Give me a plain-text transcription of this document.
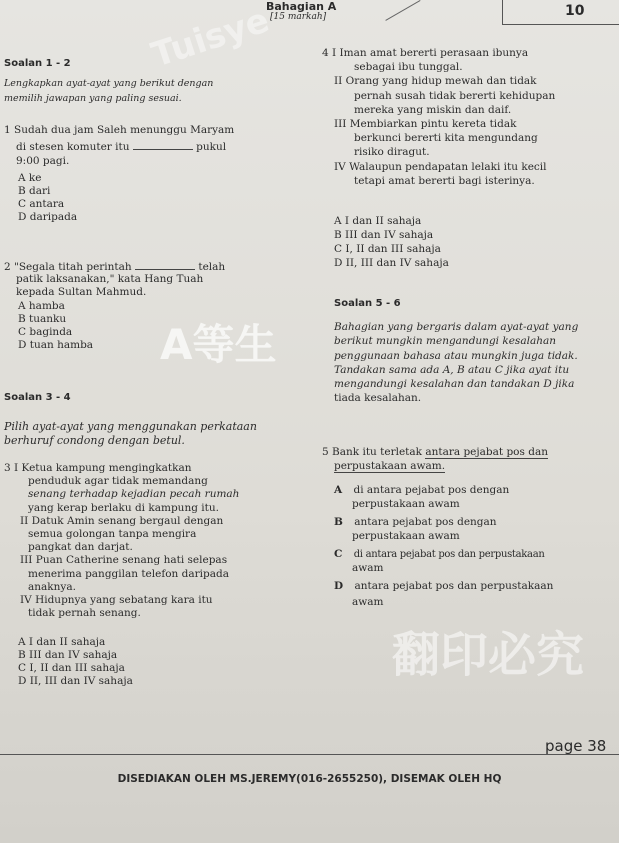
Tuisye
A等生
翻印必究
Bahagian A
[15 markah]	10
Soalan 1 - 2
Lengkapkan ayat-ayat yang berikut dengan
memilih jawapan yang paling sesuai.
1 Sudah dua jam Saleh menunggu Maryam
di stesen komuter itu	pukul
9:00 pagi.
A ke
B dari
C antara
D daripada
2 "Segala titah perintah	telah
patik laksanakan," kata Hang Tuah
kepada Sultan Mahmud.
A hamba
B tuanku
C baginda
D tuan hamba
Soalan 3 - 4
Pilih ayat-ayat yang menggunakan perkataan
berhuruf condong dengan betul.
3 I Ketua kampung mengingkatkan
penduduk agar tidak memandang
senang terhadap kejadian pecah rumah
yang kerap berlaku di kampung itu.
II Datuk Amin senang bergaul dengan
semua golongan tanpa mengira
pangkat dan darjat.
III Puan Catherine senang hati selepas
menerima panggilan telefon daripada
anaknya.
IV Hidupnya yang sebatang kara itu
tidak pernah senang.
A I dan II sahaja
B III dan IV sahaja
C I, II dan III sahaja
D II, III dan IV sahaja
4 I Iman amat bererti perasaan ibunya
sebagai ibu tunggal.
II Orang yang hidup mewah dan tidak
pernah susah tidak bererti kehidupan
mereka yang miskin dan daif.
III Membiarkan pintu kereta tidak
berkunci bererti kita mengundang
risiko diragut.
IV Walaupun pendapatan lelaki itu kecil
tetapi amat bererti bagi isterinya.
A I dan II sahaja
B III dan IV sahaja
C I, II dan III sahaja
D II, III dan IV sahaja
Soalan 5 - 6
Bahagian yang bergaris dalam ayat-ayat yang
berikut mungkin mengandungi kesalahan
penggunaan bahasa atau mungkin juga tidak.
Tandakan sama ada A, B atau C jika ayat itu
mengandungi kesalahan dan tandakan D jika
tiada kesalahan.
5 Bank itu terletak antara pejabat pos dan
perpustakaan awam.
A di antara pejabat pos dengan
perpustakaan awam
B antara pejabat pos dengan
perpustakaan awam
C di antara pejabat pos dan perpustakaan
awam
D antara pejabat pos dan perpustakaan
awam
page 38
DISEDIAKAN OLEH MS.JEREMY(016-2655250), DISEMAK OLEH HQ
